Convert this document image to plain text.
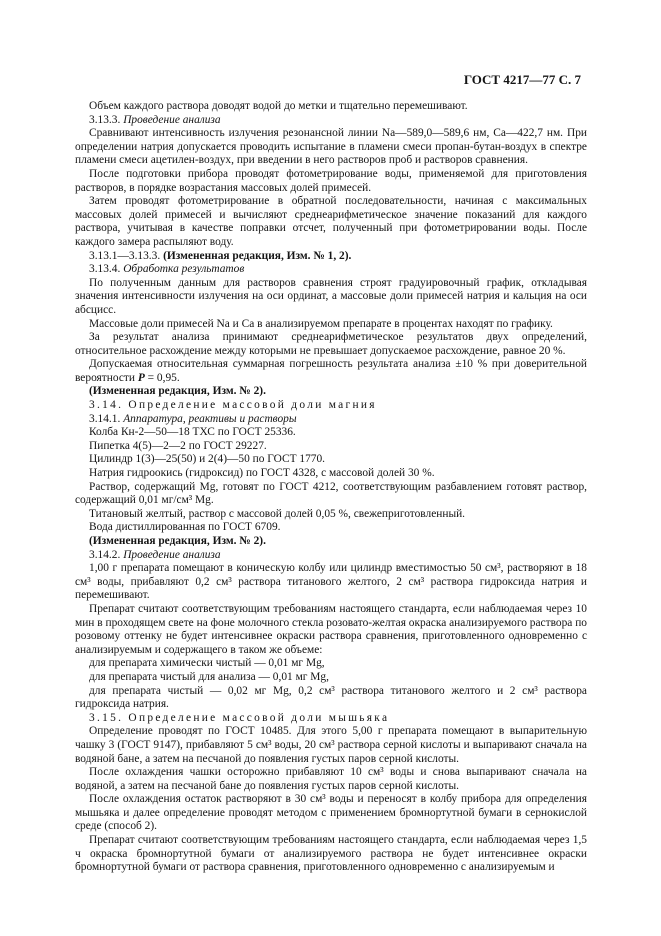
ГОСТ 4217—77 С. 7

Объем каждого раствора доводят водой до метки и тщательно перемешивают.

3.13.3. Проведение анализа

Сравнивают интенсивность излучения резонансной линии Na—589,0—589,6 нм, Ca—422,7 нм. При определении натрия допускается проводить испытание в пламени смеси пропан-бутан-воздух в спектре пламени смеси ацетилен-воздух, при введении в него растворов проб и растворов сравнения.

После подготовки прибора проводят фотометрирование воды, применяемой для приготовления растворов, в порядке возрастания массовых долей примесей.

Затем проводят фотометрирование в обратной последовательности, начиная с максимальных массовых долей примесей и вычисляют среднеарифметическое значение показаний для каждого раствора, учитывая в качестве поправки отсчет, полученный при фотометрировании воды. После каждого замера распыляют воду.

3.13.1—3.13.3. (Измененная редакция, Изм. № 1, 2).

3.13.4. Обработка результатов

По полученным данным для растворов сравнения строят градуировочный график, откладывая значения интенсивности излучения на оси ординат, а массовые доли примесей натрия и кальция на оси абсцисс.

Массовые доли примесей Na и Ca в анализируемом препарате в процентах находят по графику.

За результат анализа принимают среднеарифметическое результатов двух определений, относительное расхождение между которыми не превышает допускаемое расхождение, равное 20 %.

Допускаемая относительная суммарная погрешность результата анализа ±10 % при доверительной вероятности P = 0,95.

(Измененная редакция, Изм. № 2).

3.14. Определение массовой доли магния

3.14.1. Аппаратура, реактивы и растворы

Колба Кн-2—50—18 ТХС по ГОСТ 25336.

Пипетка 4(5)—2—2 по ГОСТ 29227.

Цилиндр 1(3)—25(50) и 2(4)—50 по ГОСТ 1770.

Натрия гидроокись (гидроксид) по ГОСТ 4328, с массовой долей 30 %.

Раствор, содержащий Mg, готовят по ГОСТ 4212, соответствующим разбавлением готовят раствор, содержащий 0,01 мг/см³ Mg.

Титановый желтый, раствор с массовой долей 0,05 %, свежеприготовленный.

Вода дистиллированная по ГОСТ 6709.

(Измененная редакция, Изм. № 2).

3.14.2. Проведение анализа

1,00 г препарата помещают в коническую колбу или цилиндр вместимостью 50 см³, растворяют в 18 см³ воды, прибавляют 0,2 см³ раствора титанового желтого, 2 см³ раствора гидроксида натрия и перемешивают.

Препарат считают соответствующим требованиям настоящего стандарта, если наблюдаемая через 10 мин в проходящем свете на фоне молочного стекла розовато-желтая окраска анализируемого раствора по розовому оттенку не будет интенсивнее окраски раствора сравнения, приготовленного одновременно с анализируемым и содержащего в таком же объеме:

для препарата химически чистый — 0,01 мг Mg,

для препарата чистый для анализа — 0,01 мг Mg,

для препарата чистый — 0,02 мг Mg, 0,2 см³ раствора титанового желтого и 2 см³ раствора гидроксида натрия.

3.15. Определение массовой доли мышьяка

Определение проводят по ГОСТ 10485. Для этого 5,00 г препарата помещают в выпарительную чашку 3 (ГОСТ 9147), прибавляют 5 см³ воды, 20 см³ раствора серной кислоты и выпаривают сначала на водяной бане, а затем на песчаной до появления густых паров серной кислоты.

После охлаждения чашки осторожно прибавляют 10 см³ воды и снова выпаривают сначала на водяной, а затем на песчаной бане до появления густых паров серной кислоты.

После охлаждения остаток растворяют в 30 см³ воды и переносят в колбу прибора для определения мышьяка и далее определение проводят методом с применением бромнортутной бумаги в сернокислой среде (способ 2).

Препарат считают соответствующим требованиям настоящего стандарта, если наблюдаемая через 1,5 ч окраска бромнортутной бумаги от анализируемого раствора не будет интенсивнее окраски бромнортутной бумаги от раствора сравнения, приготовленного одновременно с анализируемым и
